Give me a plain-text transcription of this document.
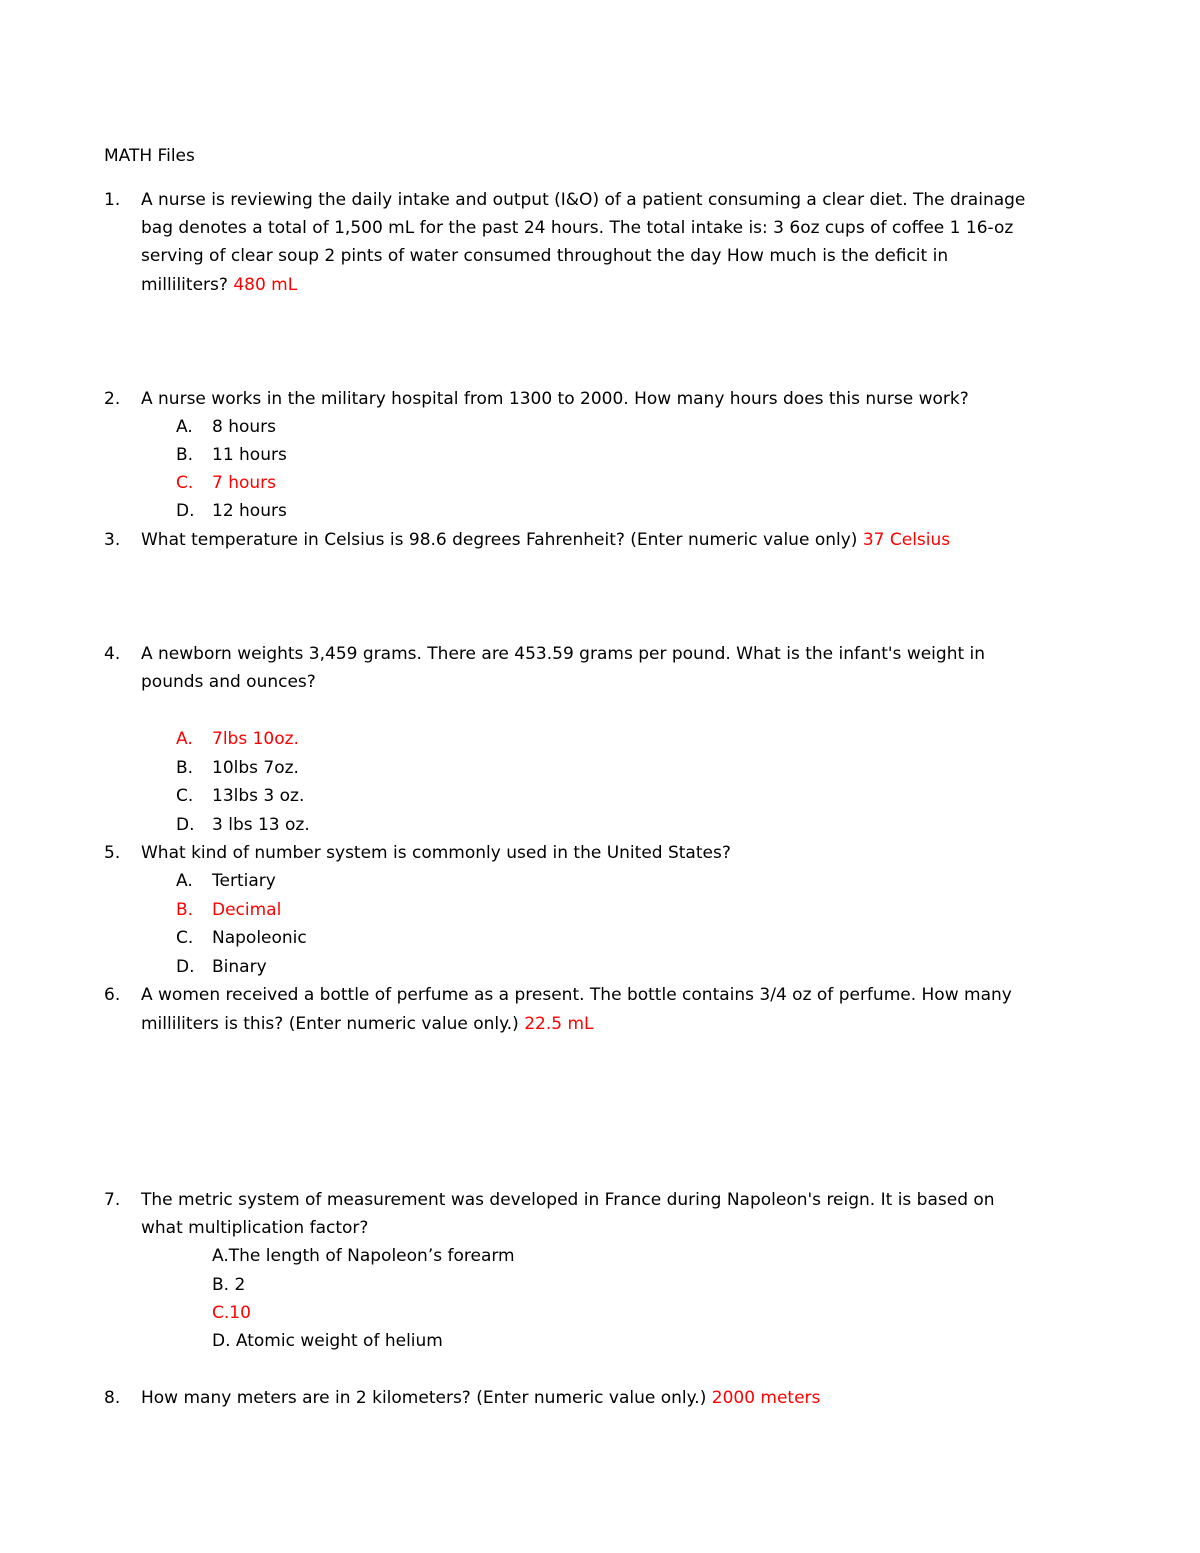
MATH Files
1. A nurse is reviewing the daily intake and output (I&O) of a patient consuming a clear diet. The drainage
bag denotes a total of 1,500 mL for the past 24 hours. The total intake is: 3 6oz cups of coffee 1 16-oz
serving of clear soup 2 pints of water consumed throughout the day How much is the deficit in
milliliters? 480 mL
2. A nurse works in the military hospital from 1300 to 2000. How many hours does this nurse work?
A. 8 hours
B. 11 hours
C. 7 hours
D. 12 hours
3. What temperature in Celsius is 98.6 degrees Fahrenheit? (Enter numeric value only) 37 Celsius
4. A newborn weights 3,459 grams. There are 453.59 grams per pound. What is the infant's weight in
pounds and ounces?
A. 7lbs 10oz.
B. 10lbs 7oz.
C. 13lbs 3 oz.
D. 3 lbs 13 oz.
5. What kind of number system is commonly used in the United States?
A. Tertiary
B. Decimal
C. Napoleonic
D. Binary
6. A women received a bottle of perfume as a present. The bottle contains 3/4 oz of perfume. How many
milliliters is this? (Enter numeric value only.) 22.5 mL
7. The metric system of measurement was developed in France during Napoleon's reign. It is based on
what multiplication factor?
A.The length of Napoleon’s forearm
B. 2
C.10
D. Atomic weight of helium
8. How many meters are in 2 kilometers? (Enter numeric value only.) 2000 meters
